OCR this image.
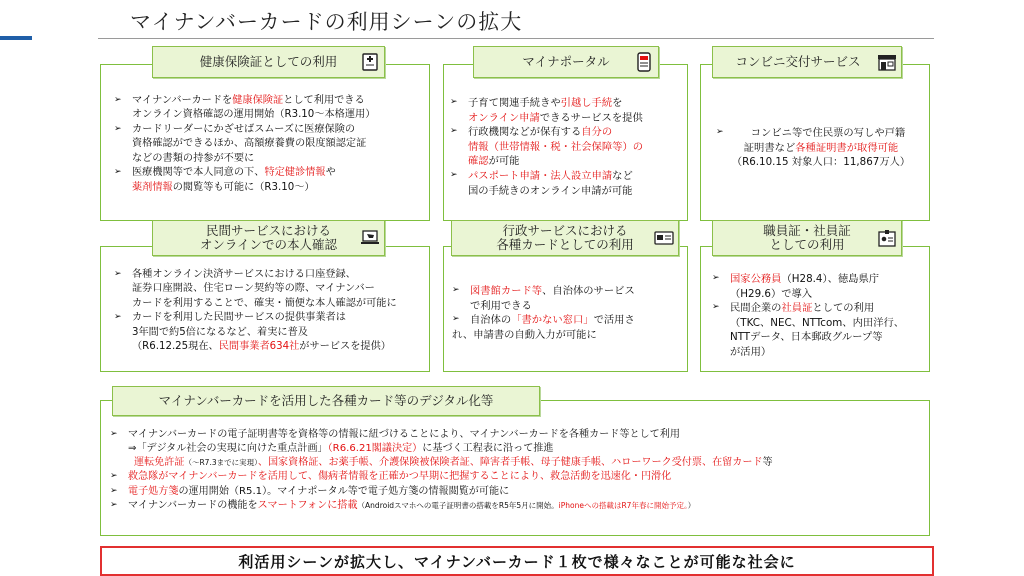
マイナンバーカードの利用シーンの拡大
健康保険証としての利用

➢ マイナンバーカードを健康保険証として利用できる

オンライン資格確認の運用開始（R3.10～本格運用）

➢ カードリーダーにかざせばスムーズに医療保険の

資格確認ができるほか、高額療養費の限度額認定証

などの書類の持参が不要に

➢ 医療機関等で本人同意の下、特定健診情報や

薬剤情報の閲覧等も可能に（R3.10～）

マイナポータル

➢ 子育て関連手続きや引越し手続を

オンライン申請できるサービスを提供

➢ 行政機関などが保有する自分の

情報（世帯情報・税・社会保障等）の

確認が可能

➢ パスポート申請・法人設立申請など

国の手続きのオンライン申請が可能

コンビニ交付サービス

➢	コンビニ等で住民票の写しや戸籍

証明書など各種証明書が取得可能

（R6.10.15 対象人口：11,867万人）

民間サービスにおける
オンラインでの本人確認

➢ 各種オンライン決済サービスにおける口座登録、

証券口座開設、住宅ローン契約等の際、マイナンバー

カードを利用することで、確実・簡便な本人確認が可能に

➢ カードを利用した民間サービスの提供事業者は

3年間で約5倍になるなど、着実に普及

（R6.12.25現在、民間事業者634社がサービスを提供）

行政サービスにおける
各種カードとしての利用

➢ 図書館カード等、自治体のサービス

で利用できる

➢ 自治体の「書かない窓口」で活用さ

れ、申請書の自動入力が可能に

職員証・社員証
としての利用

➢ 国家公務員（H28.4）、徳島県庁

（H29.6）で導入

➢ 民間企業の社員証としての利用

（TKC、NEC、NTTcom、内田洋行、

NTTデータ、日本郵政グループ等

が活用）

マイナンバーカードを活用した各種カード等のデジタル化等

➢ マイナンバーカードの電子証明書等を資格等の情報に紐づけることにより、マイナンバーカードを各種カード等として利用

⇒「デジタル社会の実現に向けた重点計画」（R6.6.21閣議決定）に基づく工程表に沿って推進

運転免許証（～R7.3までに実現）、国家資格証、お薬手帳、介護保険被保険者証、障害者手帳、母子健康手帳、ハローワーク受付票、在留カード等

➢ 救急隊がマイナンバーカードを活用して、傷病者情報を正確かつ早期に把握することにより、救急活動を迅速化・円滑化

➢ 電子処方箋の運用開始（R5.1）。マイナポータル等で電子処方箋の情報閲覧が可能に

➢ マイナンバーカードの機能をスマートフォンに搭載（Androidスマホへの電子証明書の搭載をR5年5月に開始。iPhoneへの搭載はR7年春に開始予定。）

利活用シーンが拡大し、マイナンバーカード１枚で様々なことが可能な社会に
